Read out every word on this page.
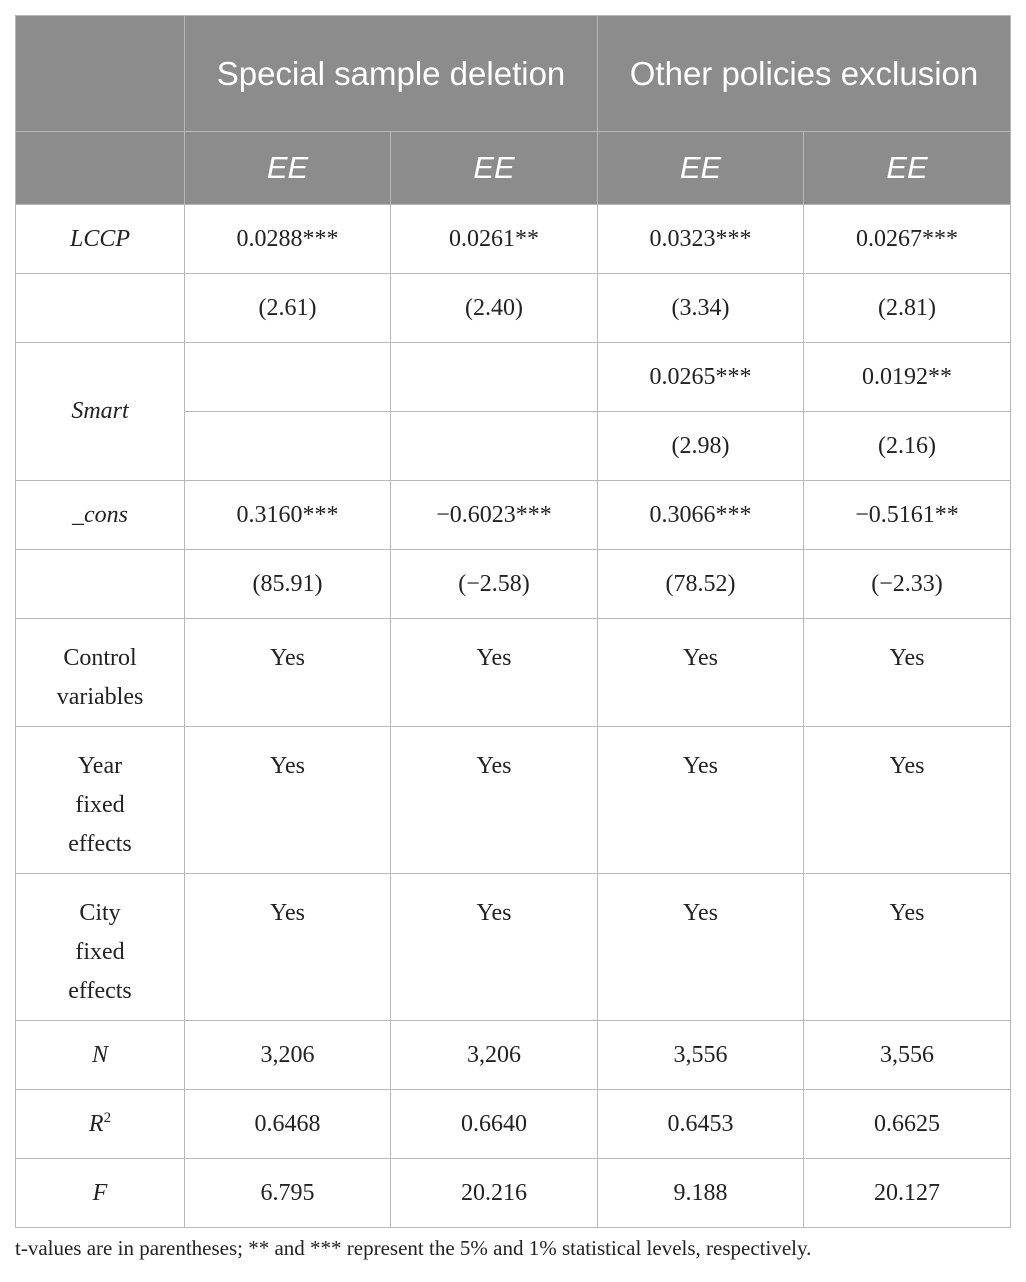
	Special sample deletion		Other policies exclusion	
	EE	EE	EE	EE
LCCP	0.0288***	0.0261**	0.0323***	0.0267***
	(2.61)	(2.40)	(3.34)	(2.81)
Smart			0.0265***	0.0192**
			(2.98)	(2.16)
_cons	0.3160***	−0.6023***	0.3066***	−0.5161**
	(85.91)	(−2.58)	(78.52)	(−2.33)
Control variables	Yes	Yes	Yes	Yes
Year fixed effects	Yes	Yes	Yes	Yes
City fixed effects	Yes	Yes	Yes	Yes
N	3,206	3,206	3,556	3,556
$R^2$	0.6468	0.6640	0.6453	0.6625
F	6.795	20.216	9.188	20.127
t-values are in parentheses; ** and *** represent the 5% and 1% statistical levels, respectively.
